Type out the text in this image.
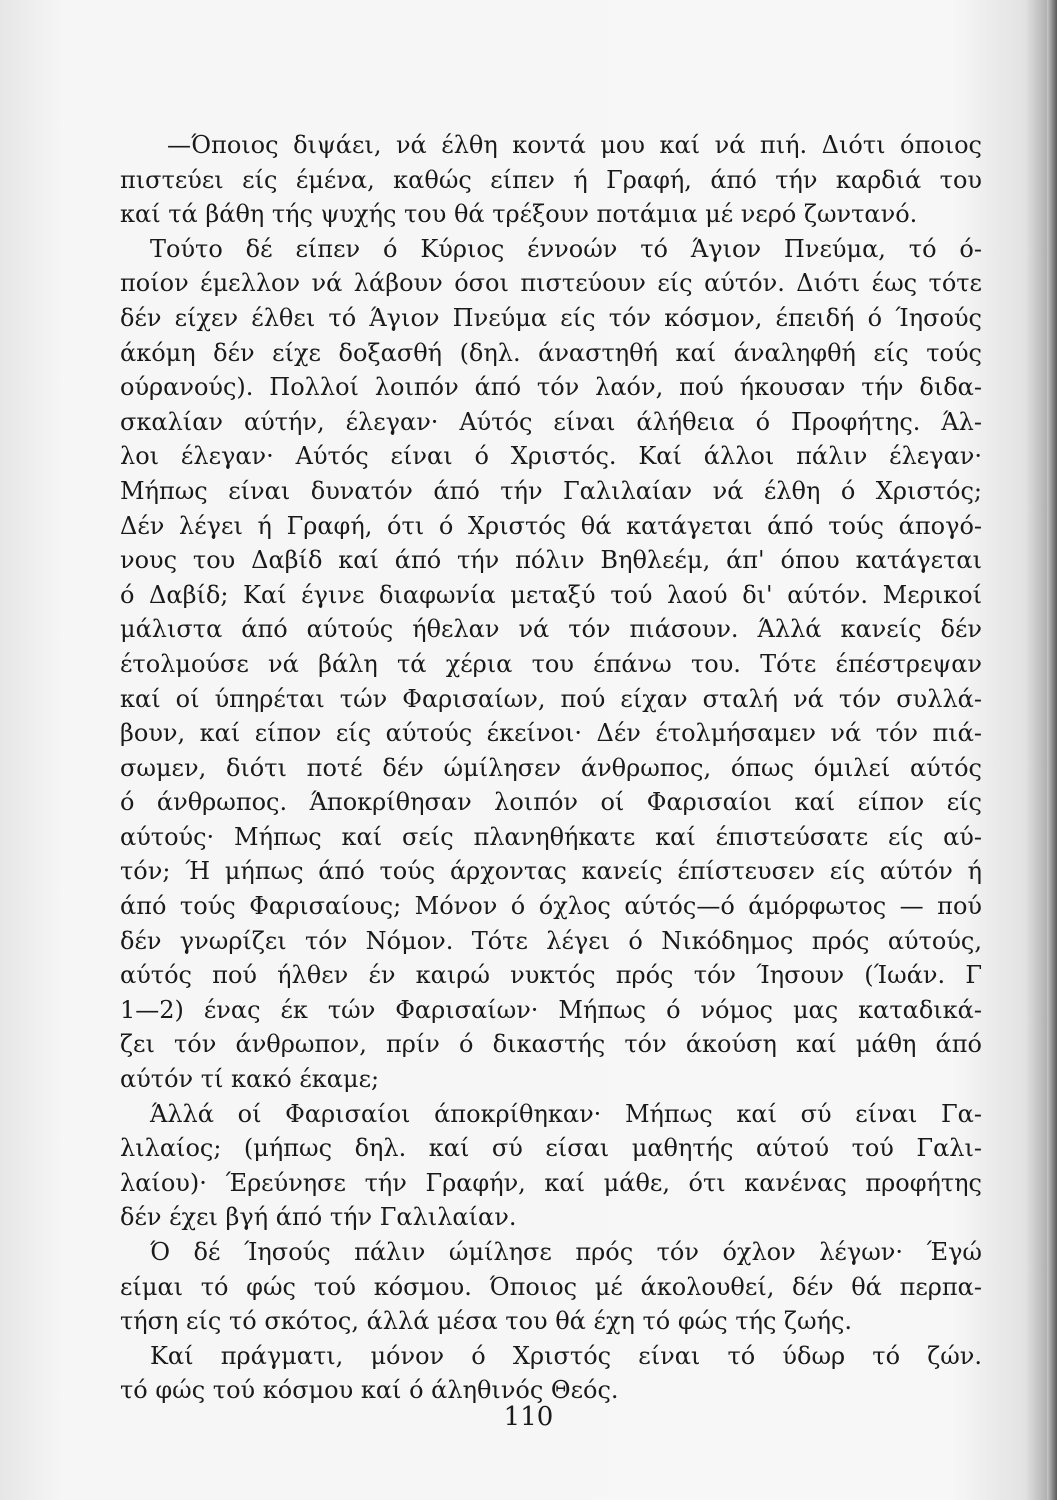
—Όποιος διψάει, νά έλθη κοντά μου καί νά πιή. Διότι όποιος
πιστεύει είς έμένα, καθώς είπεν ή Γραφή, άπό τήν καρδιά του
καί τά βάθη τής ψυχής του θά τρέξουν ποτάμια μέ νερό ζωντανό.
Τούτο δέ είπεν ό Κύριος έννοών τό Άγιον Πνεύμα, τό ό-
ποίον έμελλον νά λάβουν όσοι πιστεύουν είς αύτόν. Διότι έως τότε
δέν είχεν έλθει τό Άγιον Πνεύμα είς τόν κόσμον, έπειδή ό Ίησούς
άκόμη δέν είχε δοξασθή (δηλ. άναστηθή καί άναληφθή είς τούς
ούρανούς). Πολλοί λοιπόν άπό τόν λαόν, πού ήκουσαν τήν διδα-
σκαλίαν αύτήν, έλεγαν· Αύτός είναι άλήθεια ό Προφήτης. Άλ-
λοι έλεγαν· Αύτός είναι ό Χριστός. Καί άλλοι πάλιν έλεγαν·
Μήπως είναι δυνατόν άπό τήν Γαλιλαίαν νά έλθη ό Χριστός;
Δέν λέγει ή Γραφή, ότι ό Χριστός θά κατάγεται άπό τούς άπογό-
νους του Δαβίδ καί άπό τήν πόλιν Βηθλεέμ, άπ' όπου κατάγεται
ό Δαβίδ; Καί έγινε διαφωνία μεταξύ τού λαού δι' αύτόν. Μερικοί
μάλιστα άπό αύτούς ήθελαν νά τόν πιάσουν. Άλλά κανείς δέν
έτολμούσε νά βάλη τά χέρια του έπάνω του. Τότε έπέστρεψαν
καί οί ύπηρέται τών Φαρισαίων, πού είχαν σταλή νά τόν συλλά-
βουν, καί είπον είς αύτούς έκείνοι· Δέν έτολμήσαμεν νά τόν πιά-
σωμεν, διότι ποτέ δέν ώμίλησεν άνθρωπος, όπως όμιλεί αύτός
ό άνθρωπος. Άποκρίθησαν λοιπόν οί Φαρισαίοι καί είπον είς
αύτούς· Μήπως καί σείς πλανηθήκατε καί έπιστεύσατε είς αύ-
τόν; Ή μήπως άπό τούς άρχοντας κανείς έπίστευσεν είς αύτόν ή
άπό τούς Φαρισαίους; Μόνον ό όχλος αύτός—ό άμόρφωτος — πού
δέν γνωρίζει τόν Νόμον. Τότε λέγει ό Νικόδημος πρός αύτούς,
αύτός πού ήλθεν έν καιρώ νυκτός πρός τόν Ίησουν (Ίωάν. Γ
1—2) ένας έκ τών Φαρισαίων· Μήπως ό νόμος μας καταδικά-
ζει τόν άνθρωπον, πρίν ό δικαστής τόν άκούση καί μάθη άπό
αύτόν τί κακό έκαμε;
Άλλά οί Φαρισαίοι άποκρίθηκαν· Μήπως καί σύ είναι Γα-
λιλαίος; (μήπως δηλ. καί σύ είσαι μαθητής αύτού τού Γαλι-
λαίου)· Έρεύνησε τήν Γραφήν, καί μάθε, ότι κανένας προφήτης
δέν έχει βγή άπό τήν Γαλιλαίαν.
Ό δέ Ίησούς πάλιν ώμίλησε πρός τόν όχλον λέγων· Έγώ
είμαι τό φώς τού κόσμου. Όποιος μέ άκολουθεί, δέν θά περπα-
τήση είς τό σκότος, άλλά μέσα του θά έχη τό φώς τής ζωής.
Καί πράγματι, μόνον ό Χριστός είναι τό ύδωρ τό ζών.
τό φώς τού κόσμου καί ό άληθινός Θεός.
110
